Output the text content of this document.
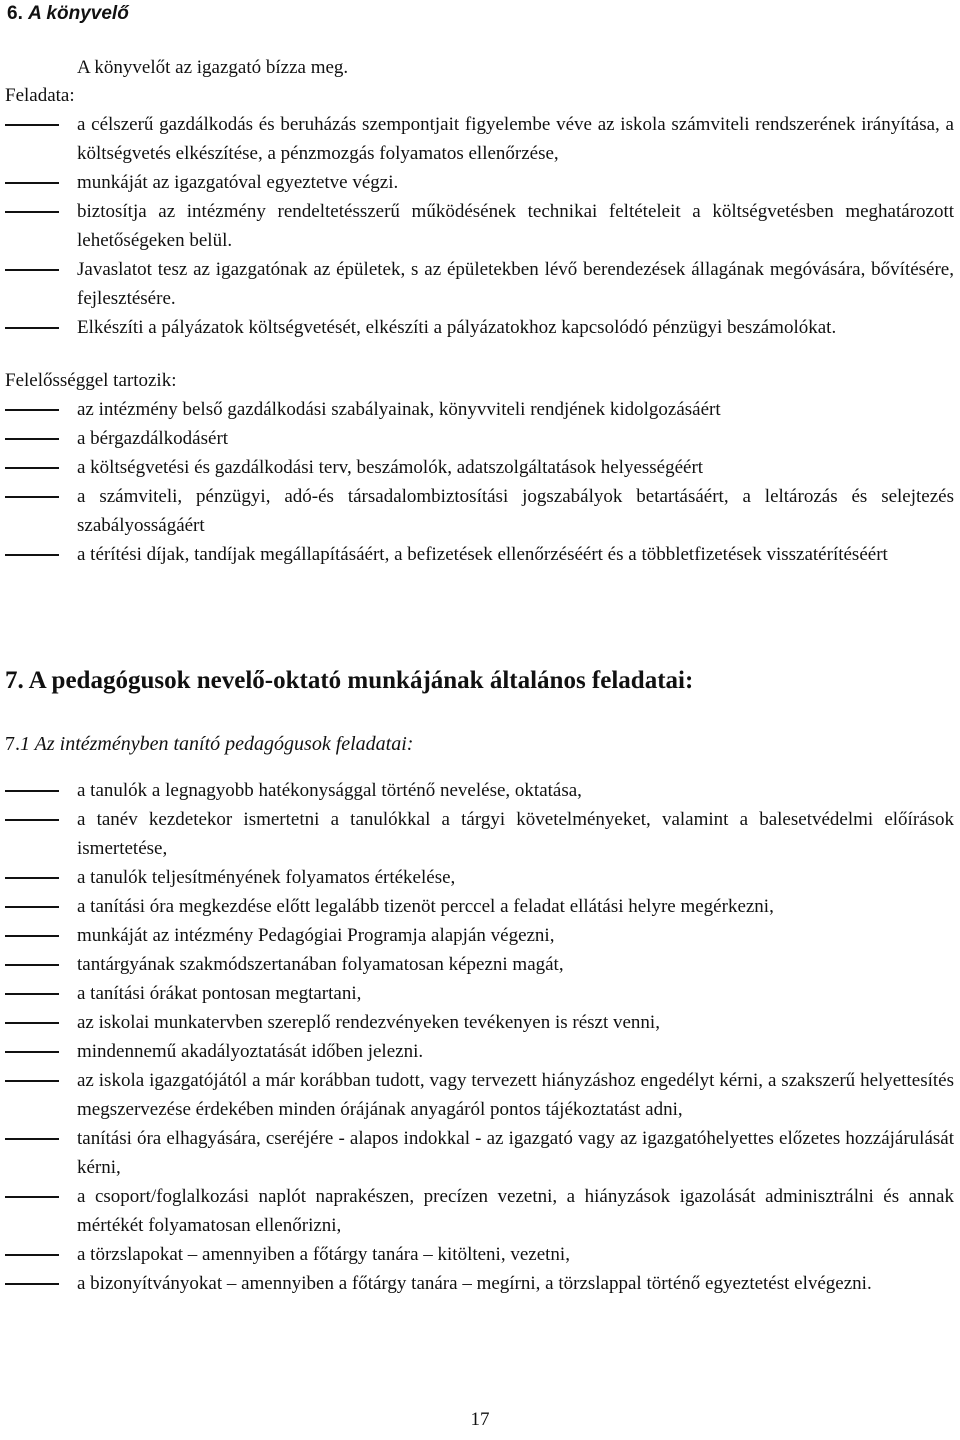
6. A könyvelő
A könyvelőt az igazgató bízza meg.
Feladata:
a célszerű gazdálkodás és beruházás szempontjait figyelembe véve az iskola számviteli rendszerének irányítása, a költségvetés elkészítése, a pénzmozgás folyamatos ellenőrzése,
munkáját az igazgatóval egyeztetve végzi.
biztosítja az intézmény rendeltetésszerű működésének technikai feltételeit a költségvetésben meghatározott lehetőségeken belül.
Javaslatot tesz az igazgatónak az épületek, s az épületekben lévő berendezések állagának megóvására, bővítésére, fejlesztésére.
Elkészíti a pályázatok költségvetését, elkészíti a pályázatokhoz kapcsolódó pénzügyi beszámolókat.
Felelősséggel tartozik:
az intézmény belső gazdálkodási szabályainak, könyvviteli rendjének kidolgozásáért
a bérgazdálkodásért
a költségvetési és gazdálkodási terv, beszámolók, adatszolgáltatások helyességéért
a számviteli, pénzügyi, adó-és társadalombiztosítási jogszabályok betartásáért, a leltározás és selejtezés szabályosságáért
a térítési díjak, tandíjak megállapításáért, a befizetések ellenőrzéséért és a többletfizetések visszatérítéséért
7. A pedagógusok nevelő-oktató munkájának általános feladatai:
7.1 Az intézményben tanító pedagógusok feladatai:
a tanulók a legnagyobb hatékonysággal történő nevelése, oktatása,
a tanév kezdetekor ismertetni a tanulókkal a tárgyi követelményeket, valamint a balesetvédelmi előírások ismertetése,
a tanulók teljesítményének folyamatos értékelése,
a tanítási óra megkezdése előtt legalább tizenöt perccel a feladat ellátási helyre megérkezni,
munkáját az intézmény Pedagógiai Programja alapján végezni,
tantárgyának szakmódszertanában folyamatosan képezni magát,
a tanítási órákat pontosan megtartani,
az iskolai munkatervben szereplő rendezvényeken tevékenyen is részt venni,
mindennemű akadályoztatását időben jelezni.
az iskola igazgatójától a már korábban tudott, vagy tervezett hiányzáshoz engedélyt kérni, a szakszerű helyettesítés megszervezése érdekében minden órájának anyagáról pontos tájékoztatást adni,
tanítási óra elhagyására, cseréjére - alapos indokkal - az igazgató vagy az igazgatóhelyettes előzetes hozzájárulását kérni,
a csoport/foglalkozási naplót naprakészen, precízen vezetni, a hiányzások igazolását adminisztrálni és annak mértékét folyamatosan ellenőrizni,
a törzslapokat – amennyiben a főtárgy tanára – kitölteni, vezetni,
a bizonyítványokat – amennyiben a főtárgy tanára – megírni, a törzslappal történő egyeztetést elvégezni.
17
